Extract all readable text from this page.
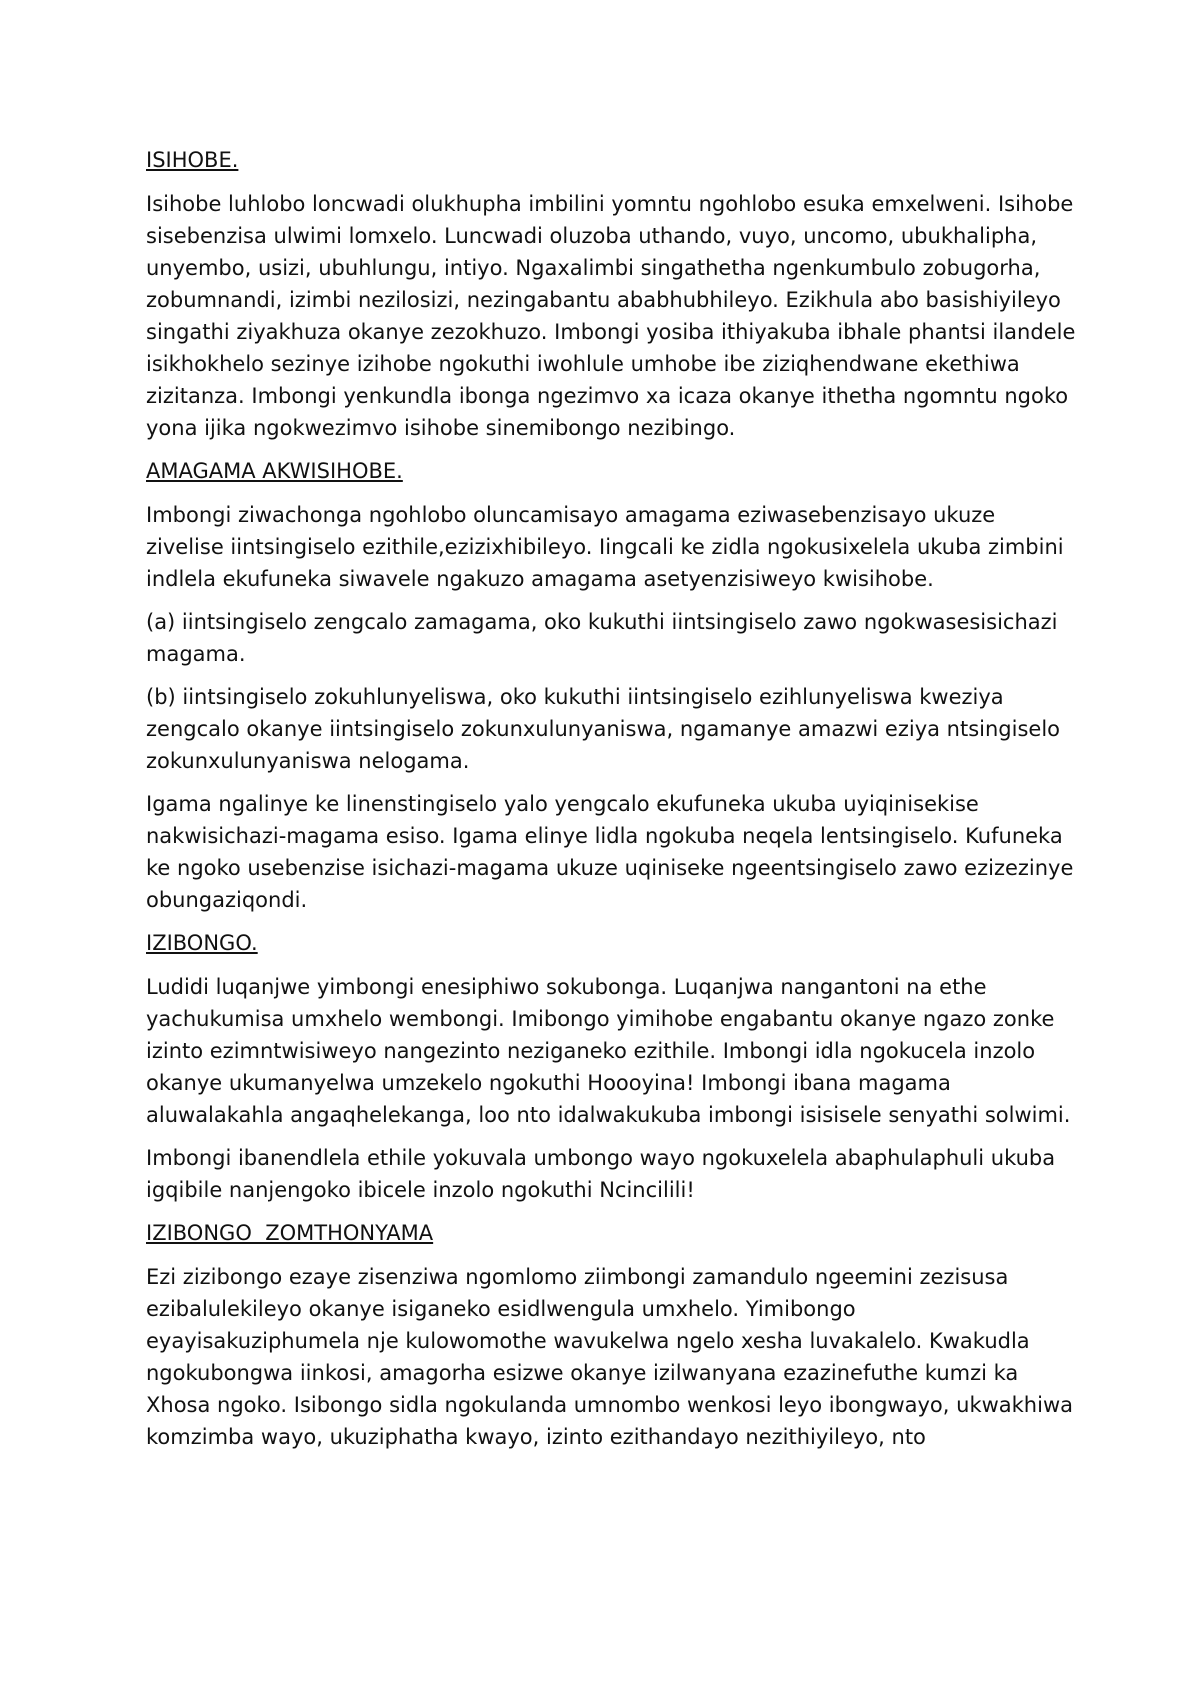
ISIHOBE.

Isihobe luhlobo loncwadi olukhupha imbilini yomntu ngohlobo esuka emxelweni. Isihobe sisebenzisa ulwimi lomxelo. Luncwadi oluzoba uthando, vuyo, uncomo, ubukhalipha, unyembo, usizi, ubuhlungu, intiyo. Ngaxalimbi singathetha ngenkumbulo zobugorha, zobumnandi, izimbi nezilosizi, nezingabantu ababhubhileyo. Ezikhula abo basishiyileyo singathi ziyakhuza okanye zezokhuzo. Imbongi yosiba ithiyakuba ibhale phantsi ilandele isikhokhelo sezinye izihobe ngokuthi iwohlule umhobe ibe ziziqhendwane ekethiwa zizitanza. Imbongi yenkundla ibonga ngezimvo xa icaza okanye ithetha ngomntu ngoko yona ijika ngokwezimvo isihobe sinemibongo nezibingo.

AMAGAMA AKWISIHOBE.

Imbongi ziwachonga ngohlobo oluncamisayo amagama eziwasebenzisayo ukuze zivelise iintsingiselo ezithile,ezizixhibileyo. Iingcali ke zidla ngokusixelela ukuba zimbini indlela ekufuneka siwavele ngakuzo amagama asetyenzisiweyo kwisihobe.

(a) iintsingiselo zengcalo zamagama, oko kukuthi iintsingiselo zawo ngokwasesisichazi magama.

(b) iintsingiselo zokuhlunyeliswa, oko kukuthi iintsingiselo ezihlunyeliswa kweziya zengcalo okanye iintsingiselo zokunxulunyaniswa, ngamanye amazwi eziya ntsingiselo zokunxulunyaniswa nelogama.

Igama ngalinye ke linenstingiselo yalo yengcalo ekufuneka ukuba uyiqinisekise nakwisichazi-magama esiso. Igama elinye lidla ngokuba neqela lentsingiselo. Kufuneka ke ngoko usebenzise isichazi-magama ukuze uqiniseke ngeentsingiselo zawo ezizezinye obungaziqondi.

IZIBONGO.

Ludidi luqanjwe yimbongi enesiphiwo sokubonga. Luqanjwa nangantoni na ethe yachukumisa umxhelo wembongi. Imibongo yimihobe engabantu okanye ngazo zonke izinto ezimntwisiweyo nangezinto neziganeko ezithile. Imbongi idla ngokucela inzolo okanye ukumanyelwa umzekelo ngokuthi Hoooyina! Imbongi ibana magama aluwalakahla angaqhelekanga, loo nto idalwakukuba imbongi isisisele senyathi solwimi.

Imbongi ibanendlela ethile yokuvala umbongo wayo ngokuxelela abaphulaphuli ukuba igqibile nanjengoko ibicele inzolo ngokuthi Ncincilili!

IZIBONGO  ZOMTHONYAMA

Ezi zizibongo ezaye zisenziwa ngomlomo ziimbongi zamandulo ngeemini zezisusa ezibalulekileyo okanye isiganeko esidlwengula umxhelo. Yimibongo eyayisakuziphumela nje kulowomothe wavukelwa ngelo xesha luvakalelo. Kwakudla ngokubongwa iinkosi, amagorha esizwe okanye izilwanyana ezazinefuthe kumzi ka Xhosa ngoko. Isibongo sidla ngokulanda umnombo wenkosi leyo ibongwayo, ukwakhiwa komzimba wayo, ukuziphatha kwayo, izinto ezithandayo nezithiyileyo, nto
